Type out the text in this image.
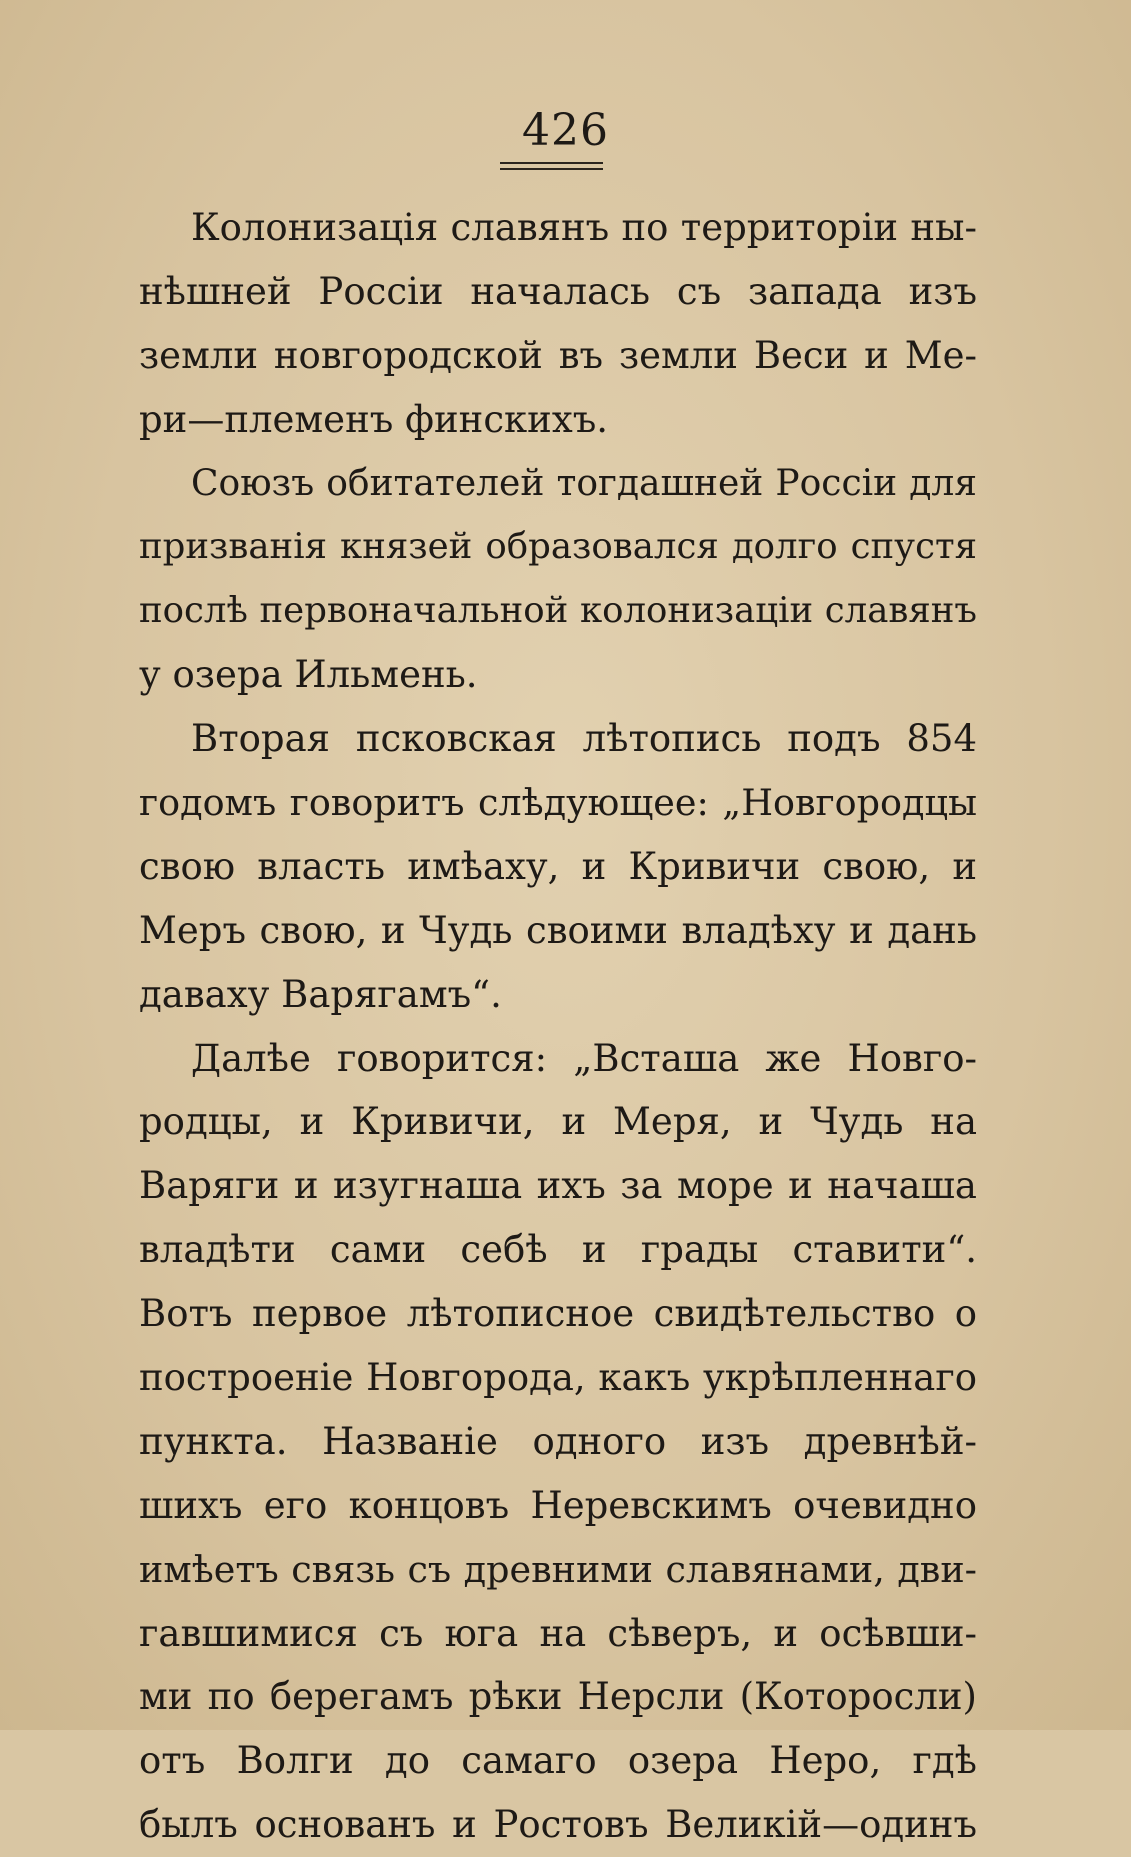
426
Колонизація славянъ по территоріи ны-
нѣшней Россіи началась съ запада изъ
земли новгородской въ земли Веси и Ме-
ри—племенъ финскихъ.
Союзъ обитателей тогдашней Россіи для
призванія князей образовался долго спустя
послѣ первоначальной колонизаціи славянъ
у озера Ильмень.
Вторая псковская лѣтопись подъ 854
годомъ говоритъ слѣдующее: „Новгородцы
свою власть имѣаху, и Кривичи свою, и
Меръ свою, и Чудь своими владѣху и дань
даваху Варягамъ“.
Далѣе говорится: „Всташа же Новго-
родцы, и Кривичи, и Меря, и Чудь на
Варяги и изугнаша ихъ за море и начаша
владѣти сами себѣ и грады ставити“.
Вотъ первое лѣтописное свидѣтельство о
построеніе Новгорода, какъ укрѣпленнаго
пункта. Названіе одного изъ древнѣй-
шихъ его концовъ Неревскимъ очевидно
имѣетъ связь съ древними славянами, дви-
гавшимися съ юга на сѣверъ, и осѣвши-
ми по берегамъ рѣки Нерсли (Которосли)
отъ Волги до самаго озера Неро, гдѣ
былъ основанъ и Ростовъ Великій—одинъ
